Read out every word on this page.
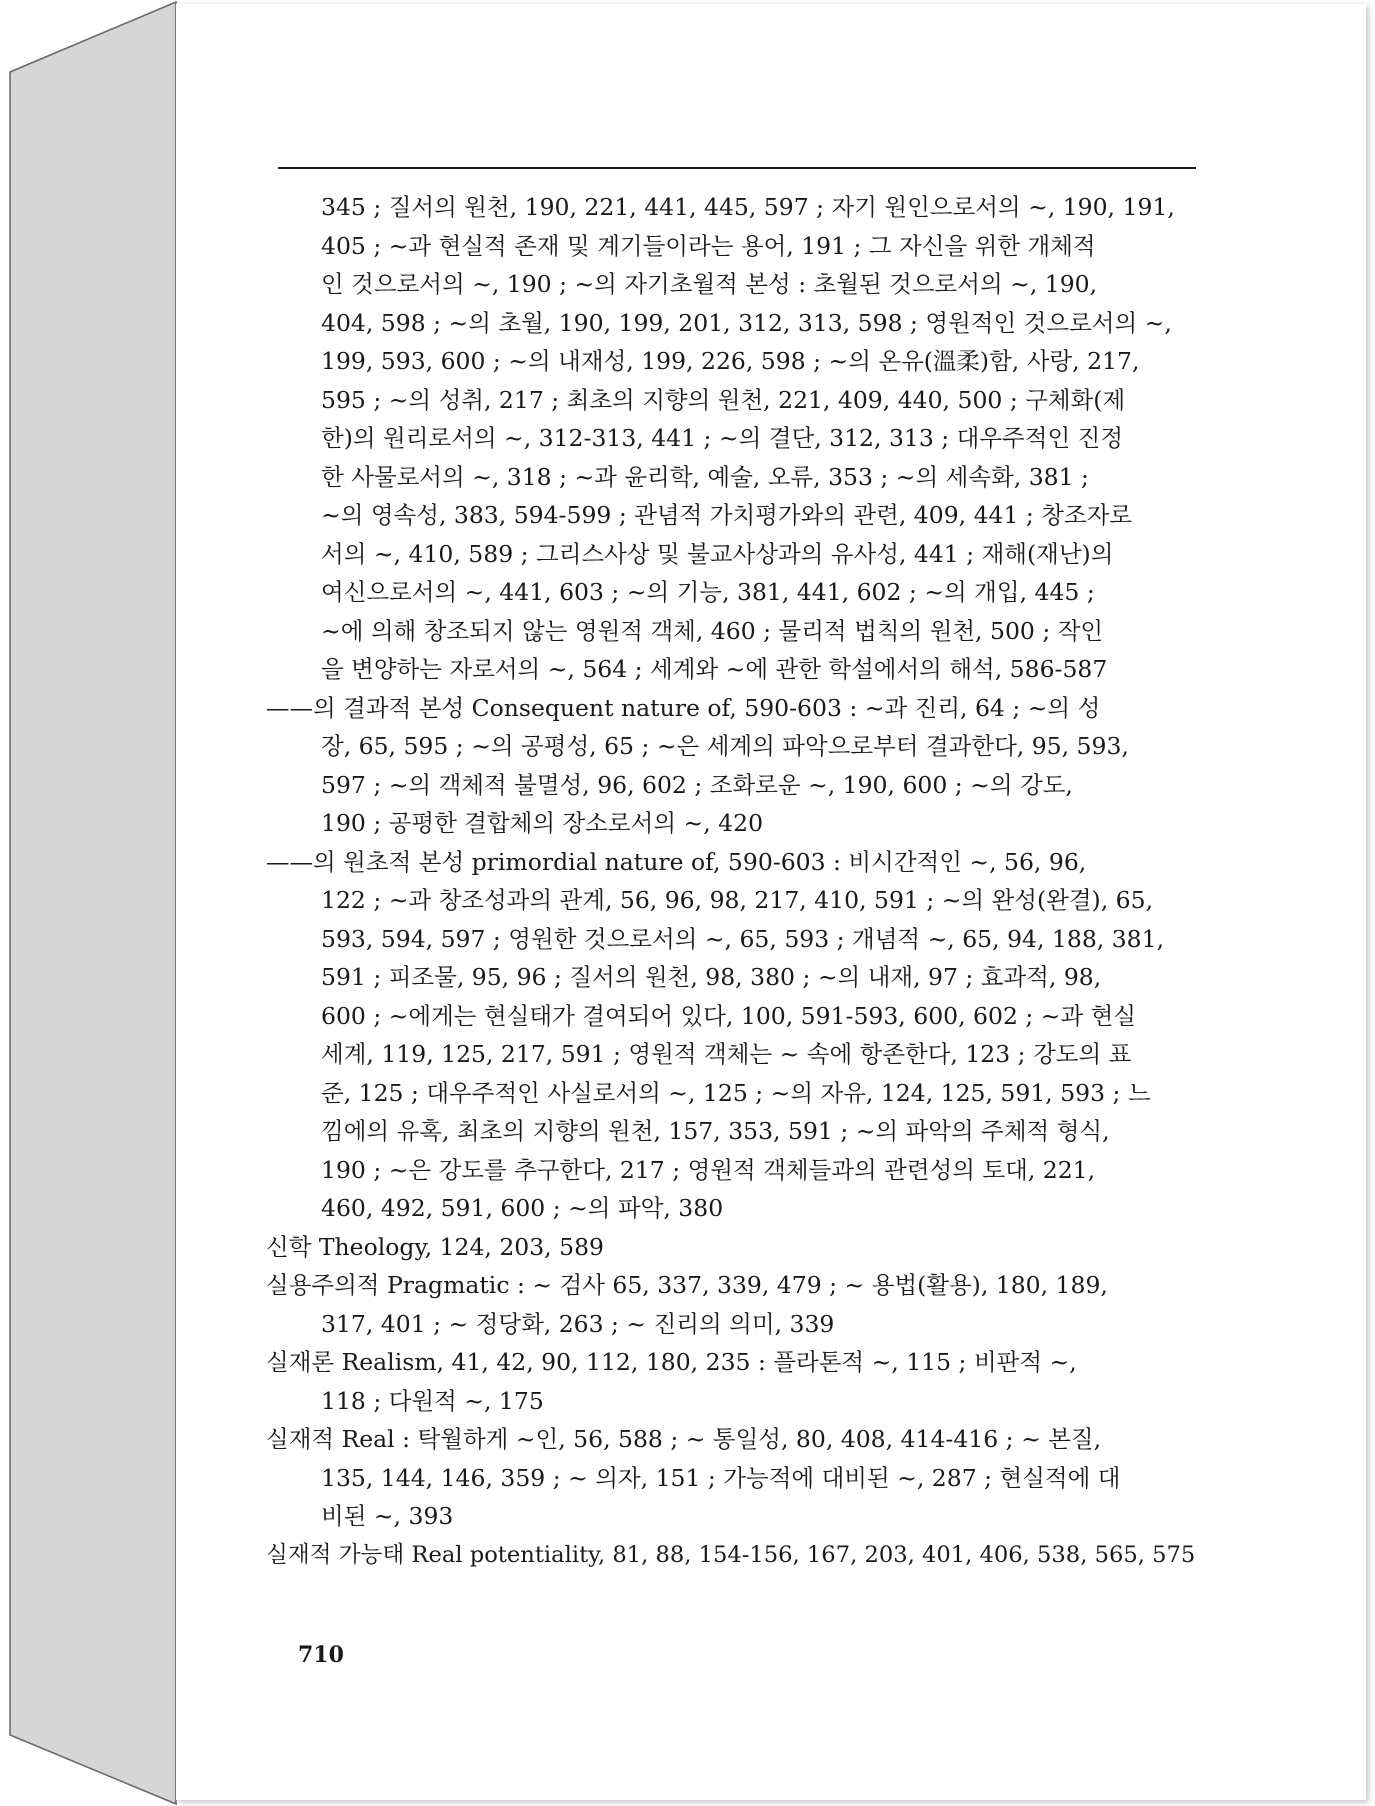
345 ; 질서의 원천, 190, 221, 441, 445, 597 ; 자기 원인으로서의 ~, 190, 191,
405 ; ~과 현실적 존재 및 계기들이라는 용어, 191 ; 그 자신을 위한 개체적
인 것으로서의 ~, 190 ; ~의 자기초월적 본성 : 초월된 것으로서의 ~, 190,
404, 598 ; ~의 초월, 190, 199, 201, 312, 313, 598 ; 영원적인 것으로서의 ~,
199, 593, 600 ; ~의 내재성, 199, 226, 598 ; ~의 온유(溫柔)함, 사랑, 217,
595 ; ~의 성취, 217 ; 최초의 지향의 원천, 221, 409, 440, 500 ; 구체화(제
한)의 원리로서의 ~, 312-313, 441 ; ~의 결단, 312, 313 ; 대우주적인 진정
한 사물로서의 ~, 318 ; ~과 윤리학, 예술, 오류, 353 ; ~의 세속화, 381 ;
~의 영속성, 383, 594-599 ; 관념적 가치평가와의 관련, 409, 441 ; 창조자로
서의 ~, 410, 589 ; 그리스사상 및 불교사상과의 유사성, 441 ; 재해(재난)의
여신으로서의 ~, 441, 603 ; ~의 기능, 381, 441, 602 ; ~의 개입, 445 ;
~에 의해 창조되지 않는 영원적 객체, 460 ; 물리적 법칙의 원천, 500 ; 작인
을 변양하는 자로서의 ~, 564 ; 세계와 ~에 관한 학설에서의 해석, 586-587
——의 결과적 본성 Consequent nature of, 590-603 : ~과 진리, 64 ; ~의 성
장, 65, 595 ; ~의 공평성, 65 ; ~은 세계의 파악으로부터 결과한다, 95, 593,
597 ; ~의 객체적 불멸성, 96, 602 ; 조화로운 ~, 190, 600 ; ~의 강도,
190 ; 공평한 결합체의 장소로서의 ~, 420
——의 원초적 본성 primordial nature of, 590-603 : 비시간적인 ~, 56, 96,
122 ; ~과 창조성과의 관계, 56, 96, 98, 217, 410, 591 ; ~의 완성(완결), 65,
593, 594, 597 ; 영원한 것으로서의 ~, 65, 593 ; 개념적 ~, 65, 94, 188, 381,
591 ; 피조물, 95, 96 ; 질서의 원천, 98, 380 ; ~의 내재, 97 ; 효과적, 98,
600 ; ~에게는 현실태가 결여되어 있다, 100, 591-593, 600, 602 ; ~과 현실
세계, 119, 125, 217, 591 ; 영원적 객체는 ~ 속에 항존한다, 123 ; 강도의 표
준, 125 ; 대우주적인 사실로서의 ~, 125 ; ~의 자유, 124, 125, 591, 593 ; 느
낌에의 유혹, 최초의 지향의 원천, 157, 353, 591 ; ~의 파악의 주체적 형식,
190 ; ~은 강도를 추구한다, 217 ; 영원적 객체들과의 관련성의 토대, 221,
460, 492, 591, 600 ; ~의 파악, 380
신학 Theology, 124, 203, 589
실용주의적 Pragmatic : ~ 검사 65, 337, 339, 479 ; ~ 용법(활용), 180, 189,
317, 401 ; ~ 정당화, 263 ; ~ 진리의 의미, 339
실재론 Realism, 41, 42, 90, 112, 180, 235 : 플라톤적 ~, 115 ; 비판적 ~,
118 ; 다원적 ~, 175
실재적 Real : 탁월하게 ~인, 56, 588 ; ~ 통일성, 80, 408, 414-416 ; ~ 본질,
135, 144, 146, 359 ; ~ 의자, 151 ; 가능적에 대비된 ~, 287 ; 현실적에 대
비된 ~, 393
실재적 가능태 Real potentiality, 81, 88, 154-156, 167, 203, 401, 406, 538, 565, 575
710
